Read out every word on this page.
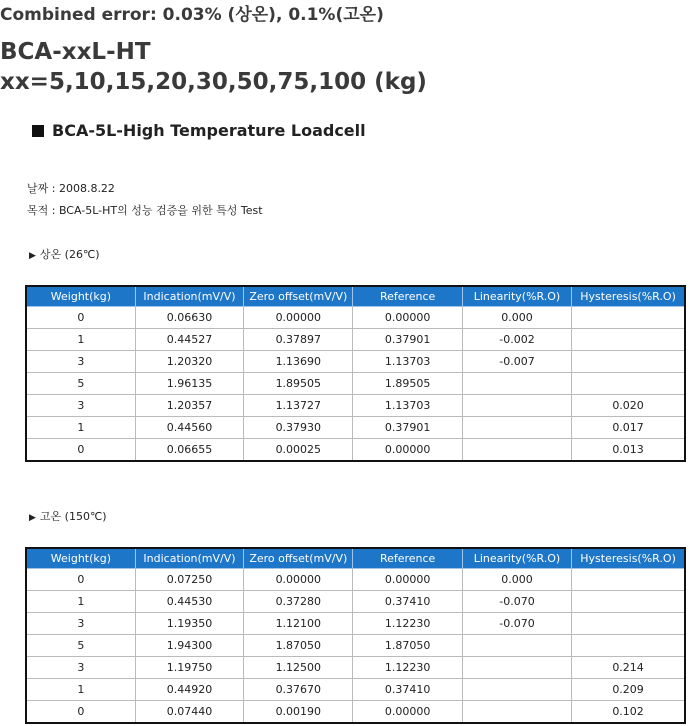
Combined error: 0.03% (상온), 0.1%(고온)
BCA-xxL-HT
xx=5,10,15,20,30,50,75,100 (kg)
BCA-5L-High Temperature Loadcell
날짜 : 2008.8.22
목적 : BCA-5L-HT의 성능 검증을 위한 특성 Test
▶ 상온 (26℃)
Weight(kg)	Indication(mV/V)	Zero offset(mV/V)	Reference	Linearity(%R.O)	Hysteresis(%R.O)
0	0.06630	0.00000	0.00000	0.000	
1	0.44527	0.37897	0.37901	-0.002	
3	1.20320	1.13690	1.13703	-0.007	
5	1.96135	1.89505	1.89505		
3	1.20357	1.13727	1.13703		0.020
1	0.44560	0.37930	0.37901		0.017
0	0.06655	0.00025	0.00000		0.013
▶ 고온 (150℃)
Weight(kg)	Indication(mV/V)	Zero offset(mV/V)	Reference	Linearity(%R.O)	Hysteresis(%R.O)
0	0.07250	0.00000	0.00000	0.000	
1	0.44530	0.37280	0.37410	-0.070	
3	1.19350	1.12100	1.12230	-0.070	
5	1.94300	1.87050	1.87050		
3	1.19750	1.12500	1.12230		0.214
1	0.44920	0.37670	0.37410		0.209
0	0.07440	0.00190	0.00000		0.102
